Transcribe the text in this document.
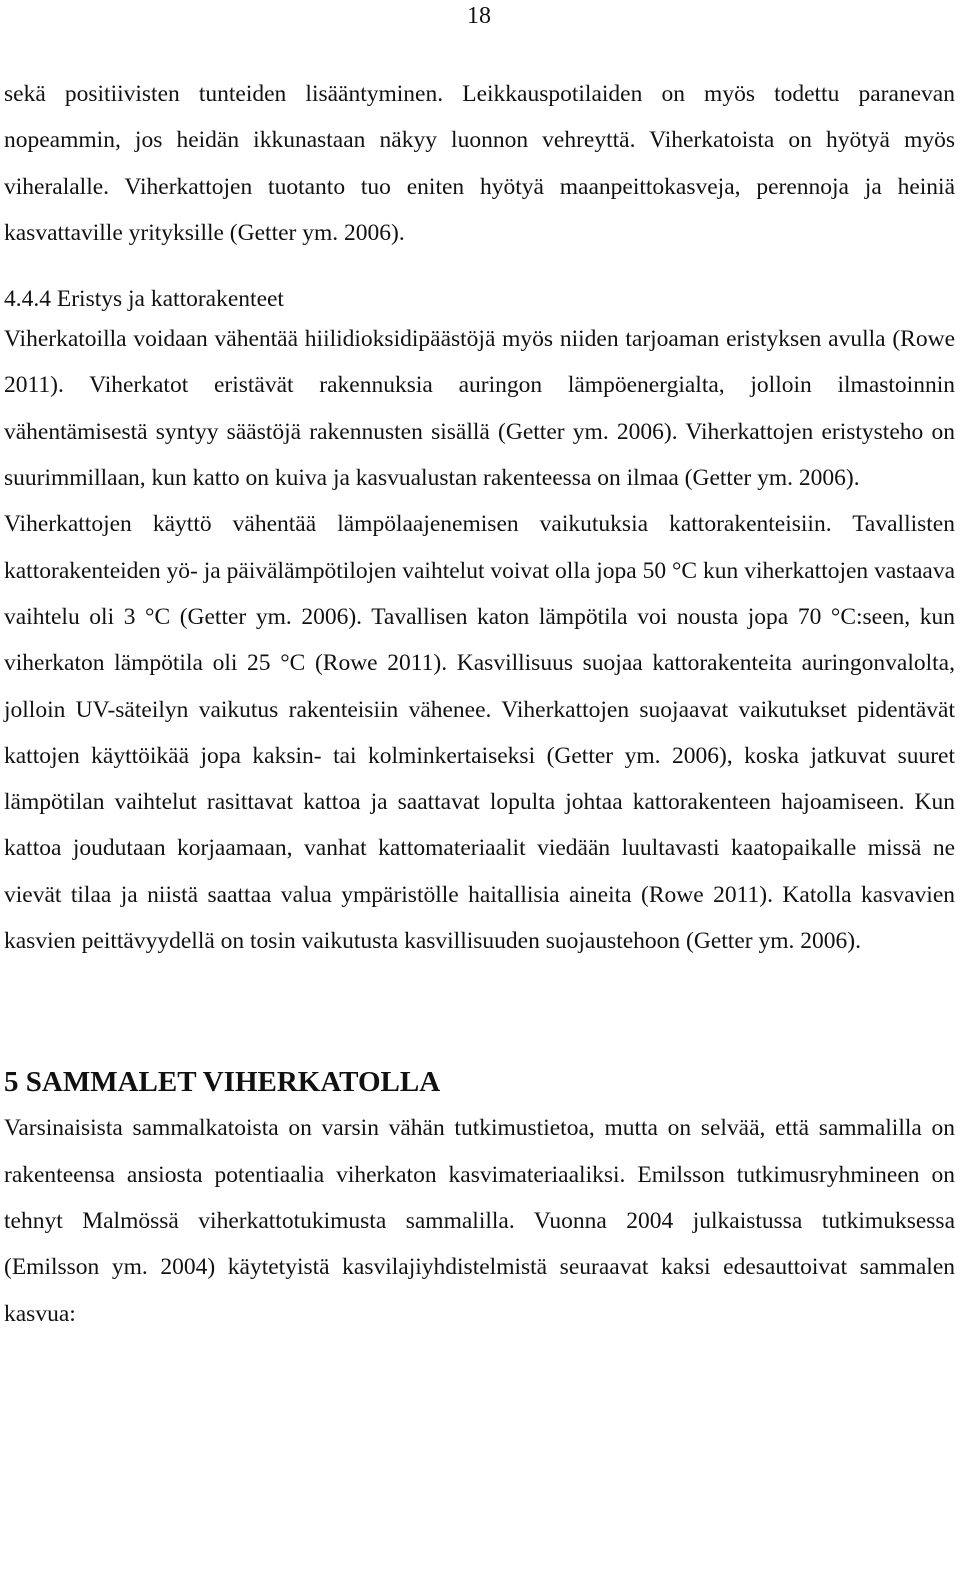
18

sekä positiivisten tunteiden lisääntyminen. Leikkauspotilaiden on myös todettu paranevan nopeammin, jos heidän ikkunastaan näkyy luonnon vehreyttä. Viherkatoista on hyötyä myös viheralalle. Viherkattojen tuotanto tuo eniten hyötyä maanpeittokasveja, perennoja ja heiniä kasvattaville yrityksille (Getter ym. 2006).

4.4.4 Eristys ja kattorakenteet

Viherkatoilla voidaan vähentää hiilidioksidipäästöjä myös niiden tarjoaman eristyksen avulla (Rowe 2011). Viherkatot eristävät rakennuksia auringon lämpöenergialta, jolloin ilmastoinnin vähentämisestä syntyy säästöjä rakennusten sisällä (Getter ym. 2006). Viherkattojen eristysteho on suurimmillaan, kun katto on kuiva ja kasvualustan rakenteessa on ilmaa (Getter ym. 2006).

Viherkattojen käyttö vähentää lämpölaajenemisen vaikutuksia kattorakenteisiin. Tavallisten kattorakenteiden yö- ja päivälämpötilojen vaihtelut voivat olla jopa 50 °C kun viherkattojen vastaava vaihtelu oli 3 °C (Getter ym. 2006). Tavallisen katon lämpötila voi nousta jopa 70 °C:seen, kun viherkaton lämpötila oli 25 °C (Rowe 2011). Kasvillisuus suojaa kattorakenteita auringonvalolta, jolloin UV-säteilyn vaikutus rakenteisiin vähenee. Viherkattojen suojaavat vaikutukset pidentävät kattojen käyttöikää jopa kaksin- tai kolminkertaiseksi (Getter ym. 2006), koska jatkuvat suuret lämpötilan vaihtelut rasittavat kattoa ja saattavat lopulta johtaa kattorakenteen hajoamiseen. Kun kattoa joudutaan korjaamaan, vanhat kattomateriaalit viedään luultavasti kaatopaikalle missä ne vievät tilaa ja niistä saattaa valua ympäristölle haitallisia aineita (Rowe 2011). Katolla kasvavien kasvien peittävyydellä on tosin vaikutusta kasvillisuuden suojaustehoon (Getter ym. 2006).

5 SAMMALET VIHERKATOLLA

Varsinaisista sammalkatoista on varsin vähän tutkimustietoa, mutta on selvää, että sammalilla on rakenteensa ansiosta potentiaalia viherkaton kasvimateriaaliksi. Emilsson tutkimusryhmineen on tehnyt Malmössä viherkattotukimusta sammalilla. Vuonna 2004 julkaistussa tutkimuksessa (Emilsson ym. 2004) käytetyistä kasvilajiyhdistelmistä seuraavat kaksi edesauttoivat sammalen kasvua:
